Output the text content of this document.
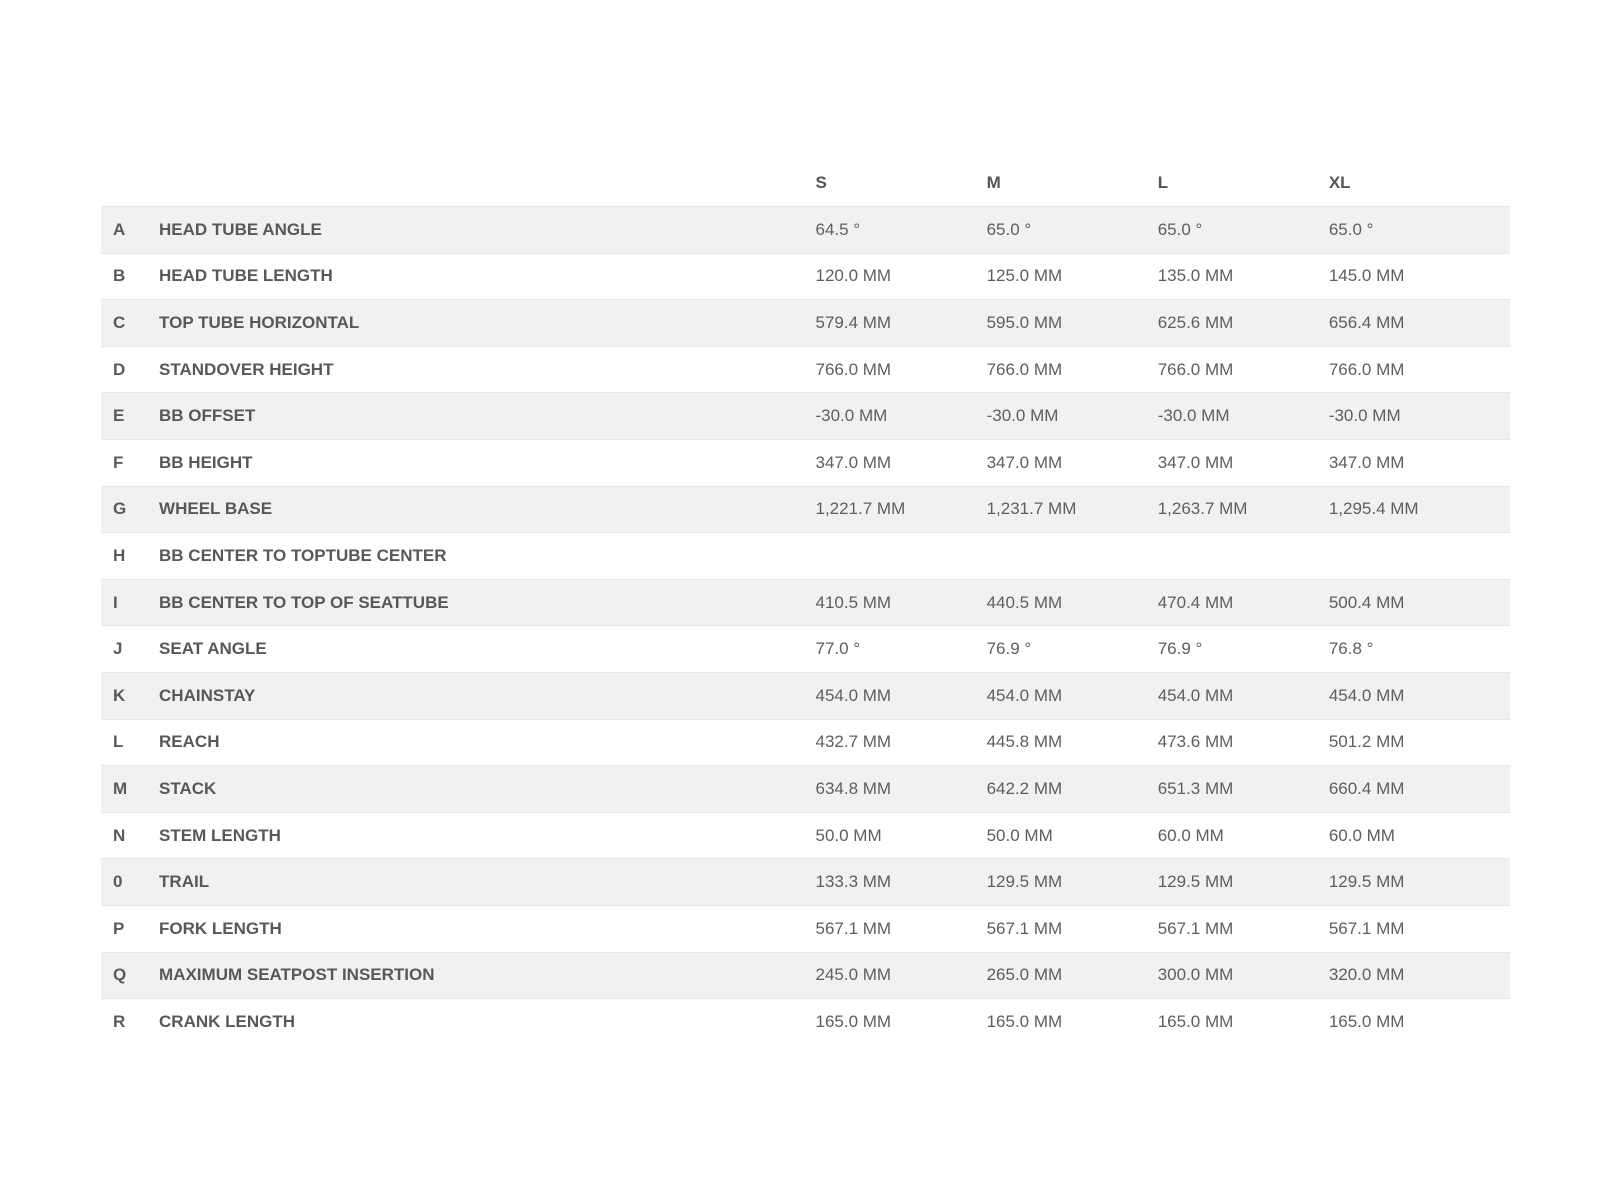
		S	M	L	XL
A	HEAD TUBE ANGLE	64.5 °	65.0 °	65.0 °	65.0 °
B	HEAD TUBE LENGTH	120.0 MM	125.0 MM	135.0 MM	145.0 MM
C	TOP TUBE HORIZONTAL	579.4 MM	595.0 MM	625.6 MM	656.4 MM
D	STANDOVER HEIGHT	766.0 MM	766.0 MM	766.0 MM	766.0 MM
E	BB OFFSET	-30.0 MM	-30.0 MM	-30.0 MM	-30.0 MM
F	BB HEIGHT	347.0 MM	347.0 MM	347.0 MM	347.0 MM
G	WHEEL BASE	1,221.7 MM	1,231.7 MM	1,263.7 MM	1,295.4 MM
H	BB CENTER TO TOPTUBE CENTER				
I	BB CENTER TO TOP OF SEATTUBE	410.5 MM	440.5 MM	470.4 MM	500.4 MM
J	SEAT ANGLE	77.0 °	76.9 °	76.9 °	76.8 °
K	CHAINSTAY	454.0 MM	454.0 MM	454.0 MM	454.0 MM
L	REACH	432.7 MM	445.8 MM	473.6 MM	501.2 MM
M	STACK	634.8 MM	642.2 MM	651.3 MM	660.4 MM
N	STEM LENGTH	50.0 MM	50.0 MM	60.0 MM	60.0 MM
0	TRAIL	133.3 MM	129.5 MM	129.5 MM	129.5 MM
P	FORK LENGTH	567.1 MM	567.1 MM	567.1 MM	567.1 MM
Q	MAXIMUM SEATPOST INSERTION	245.0 MM	265.0 MM	300.0 MM	320.0 MM
R	CRANK LENGTH	165.0 MM	165.0 MM	165.0 MM	165.0 MM
